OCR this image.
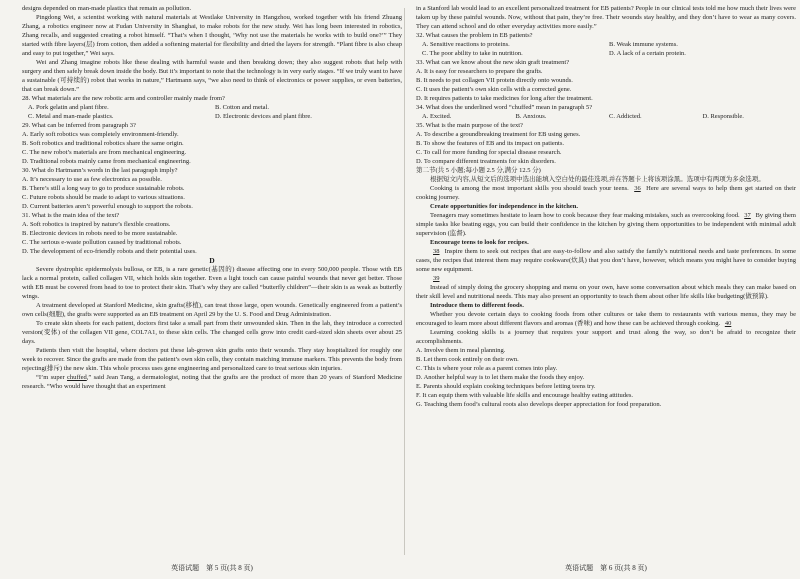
designs depended on man-made plastics that remain as pollution.

Pingdong Wei, a scientist working with natural materials at Westlake University in Hangzhou, worked together with his friend Zhuang Zhang, a robotics engineer now at Fudan University in Shanghai, to make robots for the new study. Wei has long been interested in robotics, Zhang recalls, and suggested creating a robot himself. “That’s when I thought, ‘Why not use the materials he works with to build one?’” They started with fibre layers(层) from cotton, then added a softening material for flexibility and dried the layers for strength. “Plant fibre is also cheap and easy to put together,” Wei says.

Wei and Zhang imagine robots like these dealing with harmful waste and then breaking down; they also suggest robots that help with surgery and then safely break down inside the body. But it’s important to note that the technology is in very early stages. “If we truly want to have a sustainable (可持续的) robot that works in nature,” Hartmann says, “we also need to think of electronics or power supplies, or even batteries, that can break down.”

28. What materials are the new robotic arm and controller mainly made from?

A. Pork gelatin and plant fibre.	B. Cotton and metal.
C. Metal and man-made plastics.	D. Electronic devices and plant fibre.

29. What can be inferred from paragraph 3?

A. Early soft robotics was completely environment-friendly.

B. Soft robotics and traditional robotics share the same origin.

C. The new robot’s materials are from mechanical engineering.

D. Traditional robots mainly came from mechanical engineering.

30. What do Hartmann’s words in the last paragraph imply?

A. It’s necessary to use as few electronics as possible.

B. There’s still a long way to go to produce sustainable robots.

C. Future robots should be made to adapt to various situations.

D. Current batteries aren’t powerful enough to support the robots.

31. What is the main idea of the text?

A. Soft robotics is inspired by nature’s flexible creations.

B. Electronic devices in robots need to be more sustainable.

C. The serious e-waste pollution caused by traditional robots.

D. The development of eco-friendly robots and their potential uses.

D

Severe dystrophic epidermolysis bullosa, or EB, is a rare genetic(基因的) disease affecting one in every 500,000 people. Those with EB lack a normal protein, called collagen VII, which holds skin together. Even a light touch can cause painful wounds that never get better. Those with EB must be covered from head to toe to protect their skin. That’s why they are called “butterfly children”—their skin is as weak as butterfly wings.

A treatment developed at Stanford Medicine, skin grafts(移植), can treat those large, open wounds. Genetically engineered from a patient’s own cells(细胞), the grafts were supported as an EB treatment on April 29 by the U. S. Food and Drug Administration.

To create skin sheets for each patient, doctors first take a small part from their unwounded skin. Then in the lab, they introduce a corrected version(变体) of the collagen VII gene, COL7A1, to these skin cells. The changed cells grow into credit card-sized skin sheets over about 25 days.

Patients then visit the hospital, where doctors put these lab-grown skin grafts onto their wounds. They stay hospitalized for roughly one week to recover. Since the grafts are made from the patient’s own skin cells, they contain matching immune markers. This prevents the body from rejecting(排斥) the new skin. This whole process uses gene engineering and personalized care to treat serious skin injuries.

“I’m super chuffed,” said Jean Tang, a dermatologist, noting that the grafts are the product of more than 20 years of Stanford Medicine research. “Who would have thought that an experiment

英语试题　第 5 页(共 8 页)

in a Stanford lab would lead to an excellent personalized treatment for EB patients? People in our clinical tests told me how much their lives were taken up by these painful wounds. Now, without that pain, they’re free. Their wounds stay healthy, and they don’t have to wear as many covers. They can attend school and do other everyday activities more easily.”

32. What causes the problem in EB patients?

A. Sensitive reactions to proteins.	B. Weak immune systems.
C. The poor ability to take in nutrition.	D. A lack of a certain protein.

33. What can we know about the new skin graft treatment?

A. It is easy for researchers to prepare the grafts.

B. It needs to put collagen VII protein directly onto wounds.

C. It uses the patient’s own skin cells with a corrected gene.

D. It requires patients to take medicines for long after the treatment.

34. What does the underlined word “chuffed” mean in paragraph 5?

A. Excited.	B. Anxious.	C. Addicted.	D. Responsible.

35. What is the main purpose of the text?

A. To describe a groundbreaking treatment for EB using genes.

B. To show the features of EB and its impact on patients.

C. To call for more funding for special disease research.

D. To compare different treatments for skin disorders.

第二节(共 5 小题;每小题 2.5 分,满分 12.5 分)

根据短文内容,从短文后的选项中选出能填入空白处的最佳选项,并在答题卡上将该项涂黑。选项中有两项为多余选项。

Cooking is among the most important skills you should teach your teens. 36 Here are several ways to help them get started on their cooking journey.

Create opportunities for independence in the kitchen.

Teenagers may sometimes hesitate to learn how to cook because they fear making mistakes, such as overcooking food. 37 By giving them simple tasks like beating eggs, you can build their confidence in the kitchen by giving them opportunities to be independent with minimal adult supervision (监督).

Encourage teens to look for recipes.

38 Inspire them to seek out recipes that are easy-to-follow and also satisfy the family’s nutritional needs and taste preferences. In some cases, the recipes that interest them may require cookware(炊具) that you don’t have, however, which means you might have to consider buying some new equipment.

39

Instead of simply doing the grocery shopping and menu on your own, have some conversation about which meals they can make based on their skill level and nutritional needs. This may also present an opportunity to teach them about other life skills like budgeting(做预算).

Introduce them to different foods.

Whether you devote certain days to cooking foods from other cultures or take them to restaurants with various menus, they may be encouraged to learn more about different flavors and aromas (香味) and how these can be achieved through cooking. 40

Learning cooking skills is a journey that requires your support and trust along the way, so don’t be afraid to recognize their accomplishments.

A. Involve them in meal planning.

B. Let them cook entirely on their own.

C. This is where your role as a parent comes into play.

D. Another helpful way is to let them make the foods they enjoy.

E. Parents should explain cooking techniques before letting teens try.

F. It can equip them with valuable life skills and encourage healthy eating attitudes.

G. Teaching them food’s cultural roots also develops deeper appreciation for food preparation.

英语试题　第 6 页(共 8 页)
